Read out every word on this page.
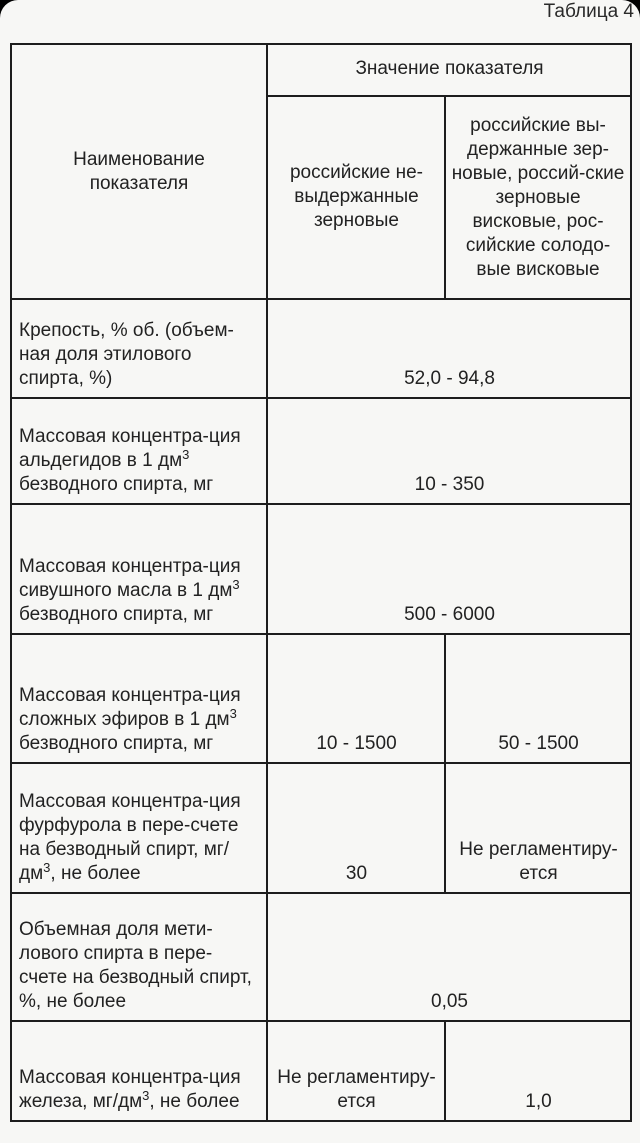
Таблица 4
Наименование показателя	Значение показателя	
	российские не-выдержанные зерновые	российские вы-держанные зер-новые, россий-ские зерновые висковые, рос-сийские солодо-вые висковые
Крепость, % об. (объем-ная доля этилового спирта, %)	52,0 - 94,8	
Массовая концентра-ция альдегидов в 1 $дм^3$ безводного спирта, мг	10 - 350	
Массовая концентра-ция сивушного масла в 1 $дм^3$ безводного спирта, мг	500 - 6000	
Массовая концентра-ция сложных эфиров в 1 $дм^3$ безводного спирта, мг	10 - 1500	50 - 1500
Массовая концентра-ция фурфурола в пере-счете на безводный спирт, $мг/дм^3$, не более	30	Не регламентиру-ется
Объемная доля мети-лового спирта в пере-счете на безводный спирт, %, не более	0,05	
Массовая концентра-ция железа, $мг/дм^3$, не более	Не регламентиру-ется	1,0
